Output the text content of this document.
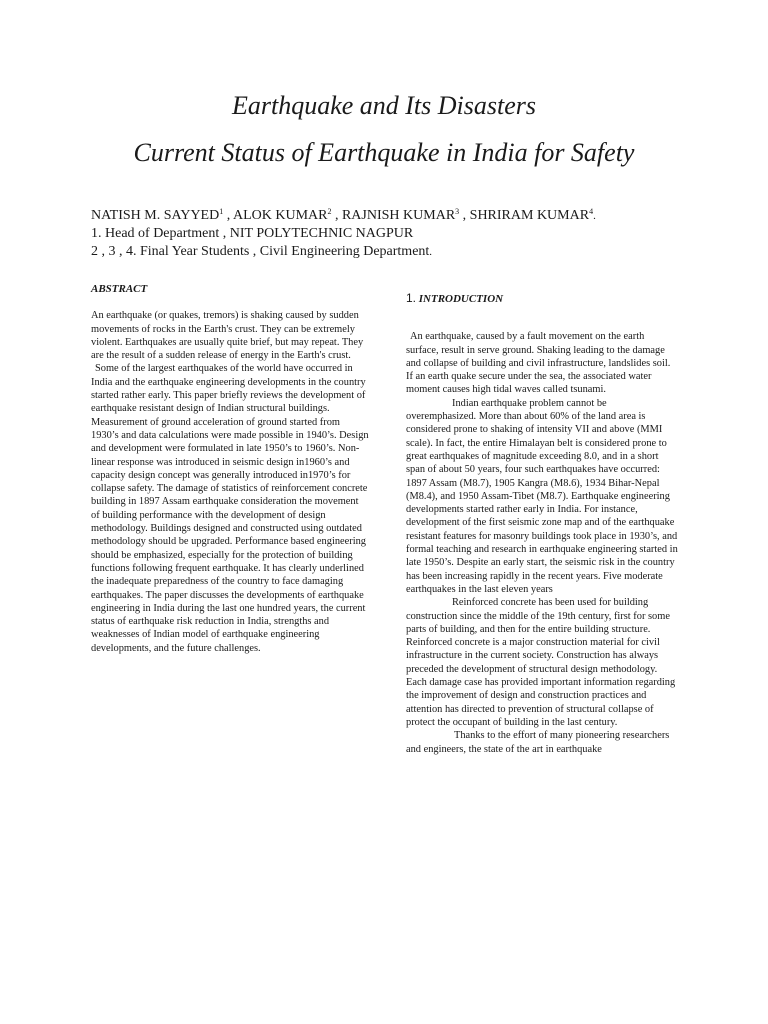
Earthquake and Its Disasters
Current Status of Earthquake in India for Safety
NATISH M. SAYYED$^1$ , ALOK KUMAR$^2$ , RAJNISH KUMAR$^3$ , SHRIRAM KUMAR$^4$.
1. Head of Department , NIT POLYTECHNIC NAGPUR
2 , 3 , 4. Final Year Students , Civil Engineering Department.
ABSTRACT

An earthquake (or quakes, tremors) is shaking caused by sudden movements of rocks in the Earth's crust. They can be extremely violent. Earthquakes are usually quite brief, but may repeat. They are the result of a sudden release of energy in the Earth's crust.

Some of the largest earthquakes of the world have occurred in India and the earthquake engineering developments in the country started rather early. This paper briefly reviews the development of earthquake resistant design of Indian structural buildings. Measurement of ground acceleration of ground started from 1930’s and data calculations were made possible in 1940’s. Design and development were formulated in late 1950’s to 1960’s. Non-linear response was introduced in seismic design in1960’s and capacity design concept was generally introduced in1970’s for collapse safety. The damage of statistics of reinforcement concrete building in 1897 Assam earthquake consideration the movement of building performance with the development of design methodology. Buildings designed and constructed using outdated methodology should be upgraded. Performance based engineering should be emphasized, especially for the protection of building functions following frequent earthquake. It has clearly underlined the inadequate preparedness of the country to face damaging earthquakes. The paper discusses the developments of earthquake engineering in India during the last one hundred years, the current status of earthquake risk reduction in India, strengths and weaknesses of Indian model of earthquake engineering developments, and the future challenges.

1. INTRODUCTION

An earthquake, caused by a fault movement on the earth surface, result in serve ground. Shaking leading to the damage and collapse of building and civil infrastructure, landslides soil. If an earth quake secure under the sea, the associated water moment causes high tidal waves called tsunami.

Indian earthquake problem cannot be overemphasized. More than about 60% of the land area is considered prone to shaking of intensity VII and above (MMI scale). In fact, the entire Himalayan belt is considered prone to great earthquakes of magnitude exceeding 8.0, and in a short span of about 50 years, four such earthquakes have occurred: 1897 Assam (M8.7), 1905 Kangra (M8.6), 1934 Bihar-Nepal (M8.4), and 1950 Assam-Tibet (M8.7). Earthquake engineering developments started rather early in India. For instance, development of the first seismic zone map and of the earthquake resistant features for masonry buildings took place in 1930’s, and formal teaching and research in earthquake engineering started in late 1950’s. Despite an early start, the seismic risk in the country has been increasing rapidly in the recent years. Five moderate earthquakes in the last eleven years

Reinforced concrete has been used for building construction since the middle of the 19th century, first for some parts of building, and then for the entire building structure. Reinforced concrete is a major construction material for civil infrastructure in the current society. Construction has always preceded the development of structural design methodology. Each damage case has provided important information regarding the improvement of design and construction practices and attention has directed to prevention of structural collapse of protect the occupant of building in the last century.

Thanks to the effort of many pioneering researchers and engineers, the state of the art in earthquake
